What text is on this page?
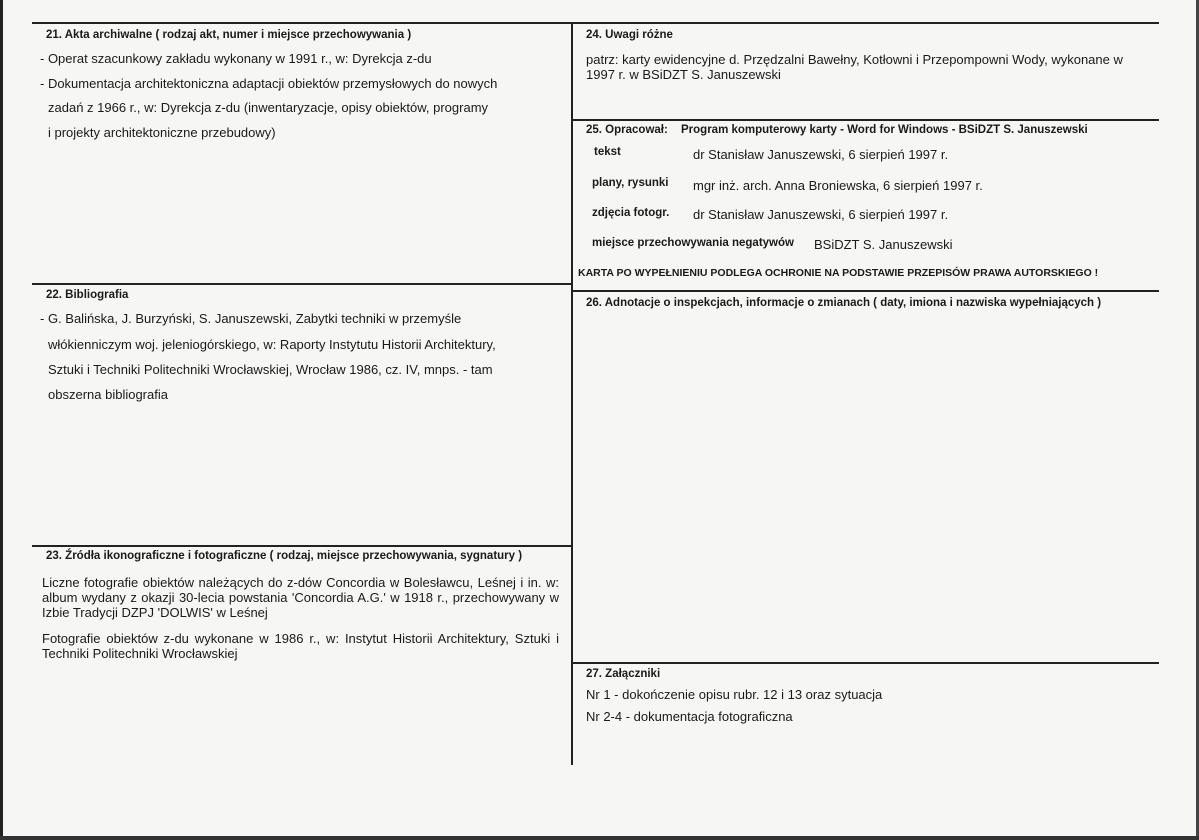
21. Akta archiwalne ( rodzaj akt, numer i miejsce przechowywania )
- Operat szacunkowy zakładu wykonany w 1991 r., w: Dyrekcja z-du
- Dokumentacja architektoniczna adaptacji obiektów przemysłowych do nowych
zadań z 1966 r., w: Dyrekcja z-du (inwentaryzacje, opisy obiektów, programy
i projekty architektoniczne przebudowy)
22. Bibliografia
- G. Balińska, J. Burzyński, S. Januszewski, Zabytki techniki w przemyśle
włókienniczym woj. jeleniogórskiego, w: Raporty Instytutu Historii Architektury,
Sztuki i Techniki Politechniki Wrocławskiej, Wrocław 1986, cz. IV, mnps. - tam
obszerna bibliografia
23. Źródła ikonograficzne i fotograficzne ( rodzaj, miejsce przechowywania, sygnatury )
Liczne fotografie obiektów należących do z-dów Concordia w Bolesławcu, Leśnej i in. w: album wydany z okazji 30-lecia powstania 'Concordia A.G.' w 1918 r., przechowywany w Izbie Tradycji DZPJ 'DOLWIS' w Leśnej
Fotografie obiektów z-du wykonane w 1986 r., w: Instytut Historii Architektury, Sztuki i Techniki Politechniki Wrocławskiej
24. Uwagi różne
patrz: karty ewidencyjne d. Przędzalni Bawełny, Kotłowni i Przepompowni Wody, wykonane w 1997 r. w BSiDZT S. Januszewski
25. Opracował: Program komputerowy karty - Word for Windows - BSiDZT S. Januszewski
tekst	dr Stanisław Januszewski, 6 sierpień 1997 r.
plany, rysunki mgr inż. arch. Anna Broniewska, 6 sierpień 1997 r.
zdjęcia fotogr. dr Stanisław Januszewski, 6 sierpień 1997 r.
miejsce przechowywania negatywów BSiDZT S. Januszewski
KARTA PO WYPEŁNIENIU PODLEGA OCHRONIE NA PODSTAWIE PRZEPISÓW PRAWA AUTORSKIEGO !
26. Adnotacje o inspekcjach, informacje o zmianach ( daty, imiona i nazwiska wypełniających )
27. Załączniki
Nr 1 - dokończenie opisu rubr. 12 i 13 oraz sytuacja
Nr 2-4 - dokumentacja fotograficzna
